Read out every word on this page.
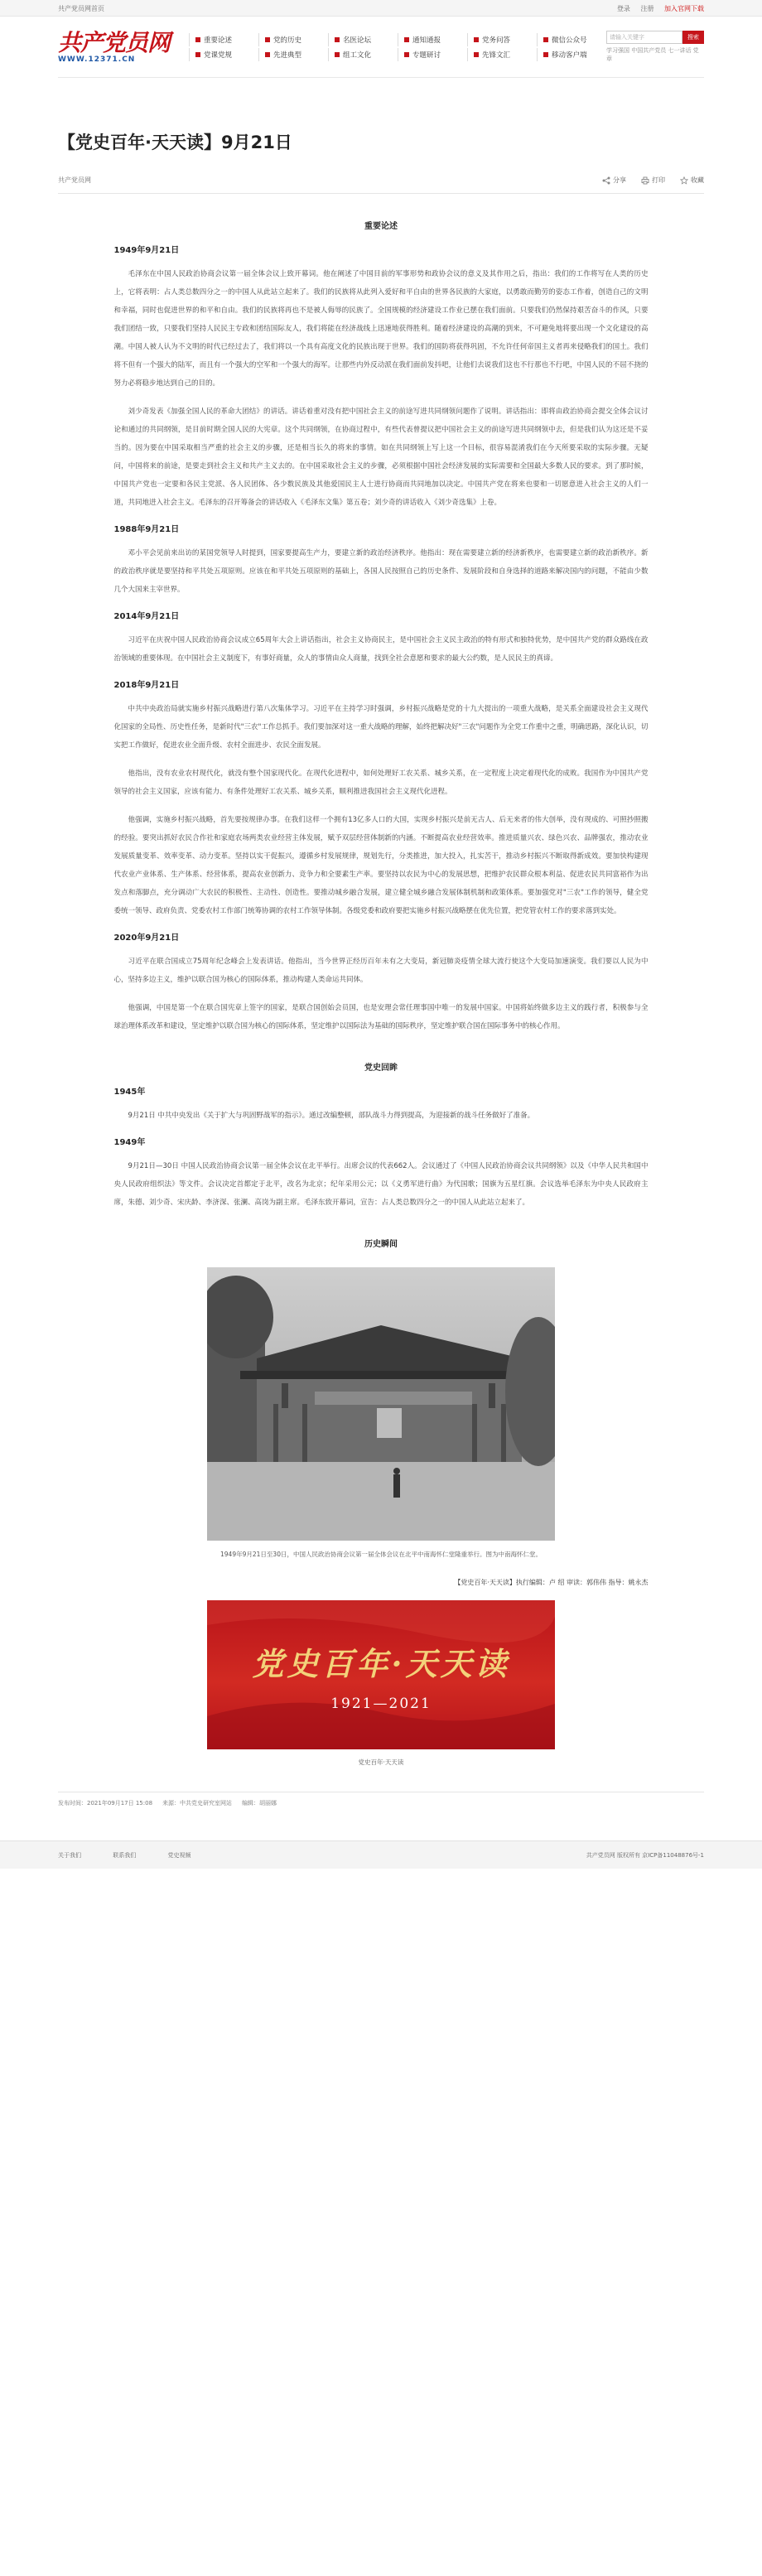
共产党员网首页	登录 注册 加入官网下载
共产党员网
WWW.12371.CN
重要论述	党的历史	名医论坛	通知通报	党务问答	微信公众号
党课党规	先进典型	组工文化	专题研讨	先锋文汇	移动客户端
请输入关键字	搜索
学习强国 中国共产党员 七一讲话 党章
【党史百年·天天读】9月21日
共产党员网	分享	打印	收藏
重要论述
1949年9月21日

毛泽东在中国人民政治协商会议第一届全体会议上致开幕词。他在阐述了中国目前的军事形势和政协会议的意义及其作用之后，指出：我们的工作将写在人类的历史上，它将表明：占人类总数四分之一的中国人从此站立起来了。我们的民族将从此列入爱好和平自由的世界各民族的大家庭，以勇敢而勤劳的姿态工作着，创造自己的文明和幸福，同时也促进世界的和平和自由。我们的民族将再也不是被人侮辱的民族了。全国规模的经济建设工作业已摆在我们面前。只要我们仍然保持艰苦奋斗的作风，只要我们团结一致，只要我们坚持人民民主专政和团结国际友人，我们将能在经济战线上迅速地获得胜利。随着经济建设的高潮的到来，不可避免地将要出现一个文化建设的高潮。中国人被人认为不文明的时代已经过去了，我们将以一个具有高度文化的民族出现于世界。我们的国防将获得巩固，不允许任何帝国主义者再来侵略我们的国土。我们将不但有一个强大的陆军，而且有一个强大的空军和一个强大的海军。让那些内外反动派在我们面前发抖吧，让他们去说我们这也不行那也不行吧，中国人民的不屈不挠的努力必将稳步地达到自己的目的。

刘少奇发表《加强全国人民的革命大团结》的讲话。讲话着重对没有把中国社会主义的前途写进共同纲领问题作了说明。讲话指出：即将由政治协商会提交全体会议讨论和通过的共同纲领，是目前时期全国人民的大宪章。这个共同纲领，在协商过程中，有些代表曾提议把中国社会主义的前途写进共同纲领中去，但是我们认为这还是不妥当的。因为要在中国采取相当严重的社会主义的步骤，还是相当长久的将来的事情。如在共同纲领上写上这一个目标，很容易混淆我们在今天所要采取的实际步骤。无疑问，中国将来的前途，是要走到社会主义和共产主义去的。在中国采取社会主义的步骤，必须根据中国社会经济发展的实际需要和全国最大多数人民的要求。到了那时候，中国共产党也一定要和各民主党派、各人民团体、各少数民族及其他爱国民主人士进行协商而共同地加以决定。中国共产党在将来也要和一切愿意进入社会主义的人们一道，共同地进入社会主义。毛泽东的召开筹备会的讲话收入《毛泽东文集》第五卷；刘少奇的讲话收入《刘少奇选集》上卷。

1988年9月21日

邓小平会见前来出访的某国党领导人时提到，国家要提高生产力，要建立新的政治经济秩序。他指出：现在需要建立新的经济新秩序，也需要建立新的政治新秩序。新的政治秩序就是要坚持和平共处五项原则。应该在和平共处五项原则的基础上，各国人民按照自己的历史条件、发展阶段和自身选择的道路来解决国内的问题，不能由少数几个大国来主宰世界。

2014年9月21日

习近平在庆祝中国人民政治协商会议成立65周年大会上讲话指出，社会主义协商民主，是中国社会主义民主政治的特有形式和独特优势，是中国共产党的群众路线在政治领域的重要体现。在中国社会主义制度下，有事好商量，众人的事情由众人商量，找到全社会意愿和要求的最大公约数，是人民民主的真谛。

2018年9月21日

中共中央政治局就实施乡村振兴战略进行第八次集体学习。习近平在主持学习时强调，乡村振兴战略是党的十九大提出的一项重大战略，是关系全面建设社会主义现代化国家的全局性、历史性任务，是新时代"三农"工作总抓手。我们要加深对这一重大战略的理解，始终把解决好"三农"问题作为全党工作重中之重，明确思路，深化认识，切实把工作做好，促进农业全面升级、农村全面进步、农民全面发展。

他指出，没有农业农村现代化，就没有整个国家现代化。在现代化进程中，如何处理好工农关系、城乡关系，在一定程度上决定着现代化的成败。我国作为中国共产党领导的社会主义国家，应该有能力、有条件处理好工农关系、城乡关系，顺利推进我国社会主义现代化进程。

他强调，实施乡村振兴战略，首先要按规律办事。在我们这样一个拥有13亿多人口的大国，实现乡村振兴是前无古人、后无来者的伟大创举，没有现成的、可照抄照搬的经验。要突出抓好农民合作社和家庭农场两类农业经营主体发展，赋予双层经营体制新的内涵。不断提高农业经营效率。推进质量兴农、绿色兴农、品牌强农，推动农业发展质量变革、效率变革、动力变革。坚持以实干促振兴，遵循乡村发展规律，规划先行，分类推进，加大投入，扎实苦干，推动乡村振兴不断取得新成效。要加快构建现代农业产业体系、生产体系、经营体系，提高农业创新力、竞争力和全要素生产率。要坚持以农民为中心的发展思想，把维护农民群众根本利益、促进农民共同富裕作为出发点和落脚点，充分调动广大农民的积极性、主动性、创造性。要推动城乡融合发展，建立健全城乡融合发展体制机制和政策体系。要加强党对"三农"工作的领导，健全党委统一领导、政府负责、党委农村工作部门统筹协调的农村工作领导体制。各级党委和政府要把实施乡村振兴战略摆在优先位置，把党管农村工作的要求落到实处。

2020年9月21日

习近平在联合国成立75周年纪念峰会上发表讲话。他指出，当今世界正经历百年未有之大变局，新冠肺炎疫情全球大流行使这个大变局加速演变。我们要以人民为中心，坚持多边主义，维护以联合国为核心的国际体系，推动构建人类命运共同体。

他强调，中国是第一个在联合国宪章上签字的国家，是联合国创始会员国，也是安理会常任理事国中唯一的发展中国家。中国将始终做多边主义的践行者，积极参与全球治理体系改革和建设，坚定维护以联合国为核心的国际体系，坚定维护以国际法为基础的国际秩序，坚定维护联合国在国际事务中的核心作用。

党史回眸
1945年

9月21日 中共中央发出《关于扩大与巩固野战军的指示》。通过改编整顿，部队战斗力得到提高，为迎接新的战斗任务做好了准备。

1949年

9月21日—30日 中国人民政治协商会议第一届全体会议在北平举行。出席会议的代表662人。会议通过了《中国人民政治协商会议共同纲领》以及《中华人民共和国中央人民政府组织法》等文件。会议决定首都定于北平，改名为北京；纪年采用公元；以《义勇军进行曲》为代国歌；国旗为五星红旗。会议选举毛泽东为中央人民政府主席，朱德、刘少奇、宋庆龄、李济深、张澜、高岗为副主席。毛泽东致开幕词，宣告：占人类总数四分之一的中国人从此站立起来了。

历史瞬间
1949年9月21日至30日，中国人民政治协商会议第一届全体会议在北平中南海怀仁堂隆重举行。图为中南海怀仁堂。
【党史百年·天天读】执行编辑：卢 绍 审读：郭伟伟 指导：姚永杰
党史百年·天天读
1921—2021
党史百年·天天读
发布时间：2021年09月17日 15:08 来源：中共党史研究室网站 编辑：胡丽娜
关于我们	联系我们	党史视频	共产党员网 版权所有 京ICP备11048876号-1
